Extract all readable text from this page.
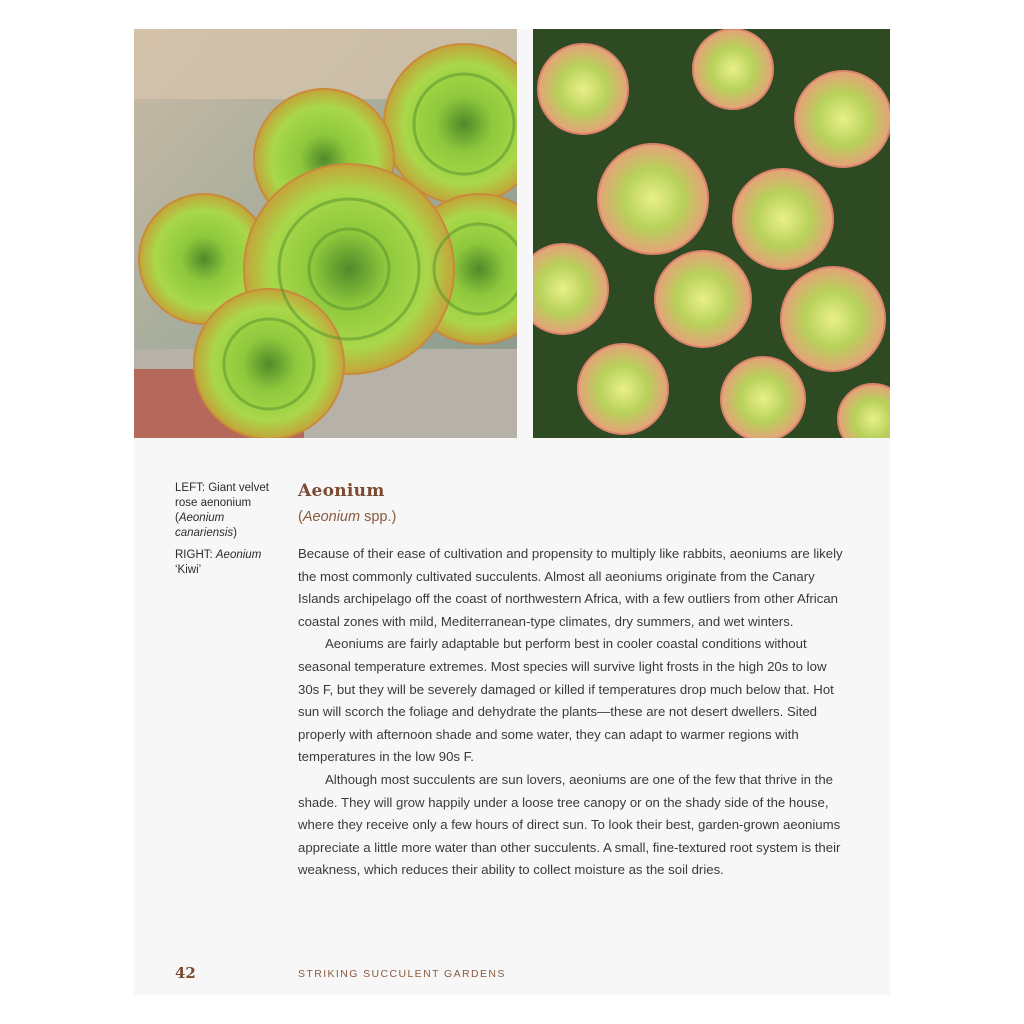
LEFT: Giant velvet rose aenonium (Aeonium canariensis)

RIGHT: Aeonium ‘Kiwi’

Aeonium
(Aeonium spp.)

Because of their ease of cultivation and propensity to multiply like rabbits, aeoniums are likely the most commonly cultivated succulents. Almost all aeoniums originate from the Canary Islands archipelago off the coast of northwestern Africa, with a few outliers from other African coastal zones with mild, Mediterranean-type climates, dry summers, and wet winters.

Aeoniums are fairly adaptable but perform best in cooler coastal conditions without seasonal temperature extremes. Most species will survive light frosts in the high 20s to low 30s F, but they will be severely damaged or killed if temperatures drop much below that. Hot sun will scorch the foliage and dehydrate the plants—these are not desert dwellers. Sited properly with afternoon shade and some water, they can adapt to warmer regions with temperatures in the low 90s F.

Although most succulents are sun lovers, aeoniums are one of the few that thrive in the shade. They will grow happily under a loose tree canopy or on the shady side of the house, where they receive only a few hours of direct sun. To look their best, garden-grown aeoniums appreciate a little more water than other succulents. A small, fine-textured root system is their weakness, which reduces their ability to collect moisture as the soil dries.

42	STRIKING SUCCULENT GARDENS
